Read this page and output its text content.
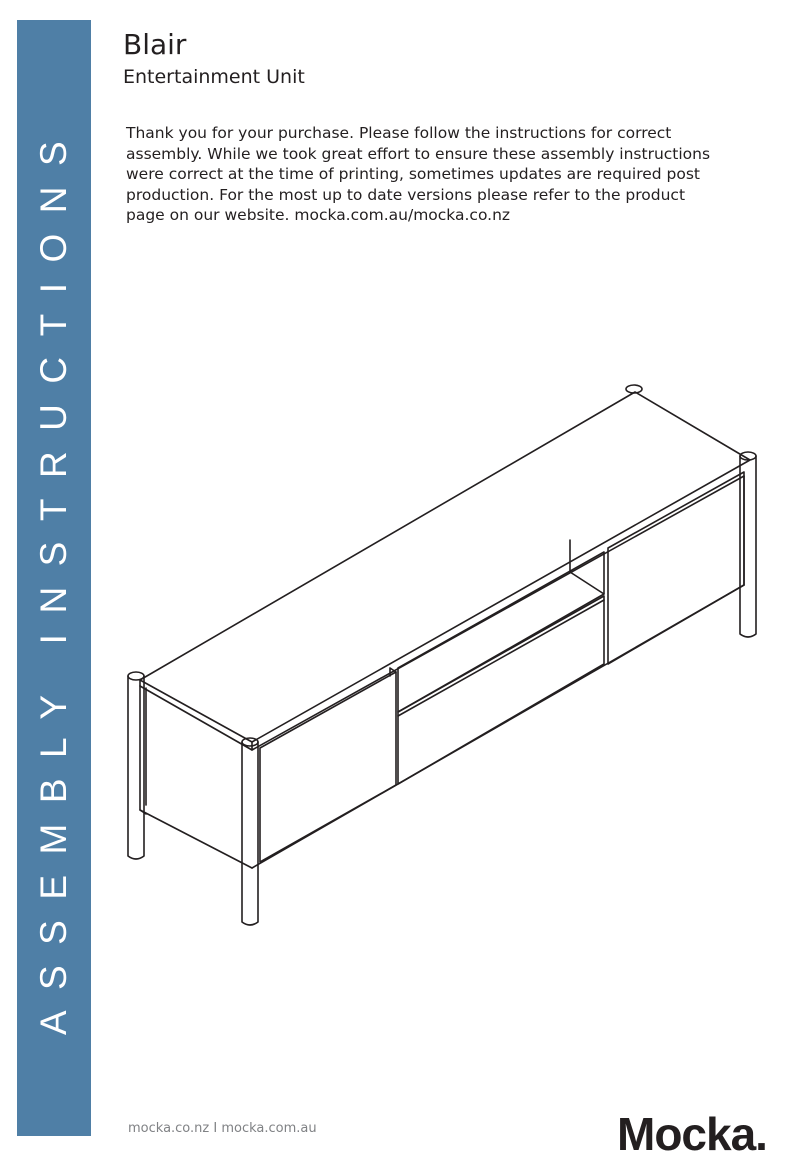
ASSEMBLY INSTRUCTIONS
Blair
Entertainment Unit

Thank you for your purchase. Please follow the instructions for correct
assembly. While we took great effort to ensure these assembly instructions
were correct at the time of printing, sometimes updates are required post
production. For the most up to date versions please refer to the product
page on our website. mocka.com.au/mocka.co.nz

mocka.co.nz I mocka.com.au	Mocka.
